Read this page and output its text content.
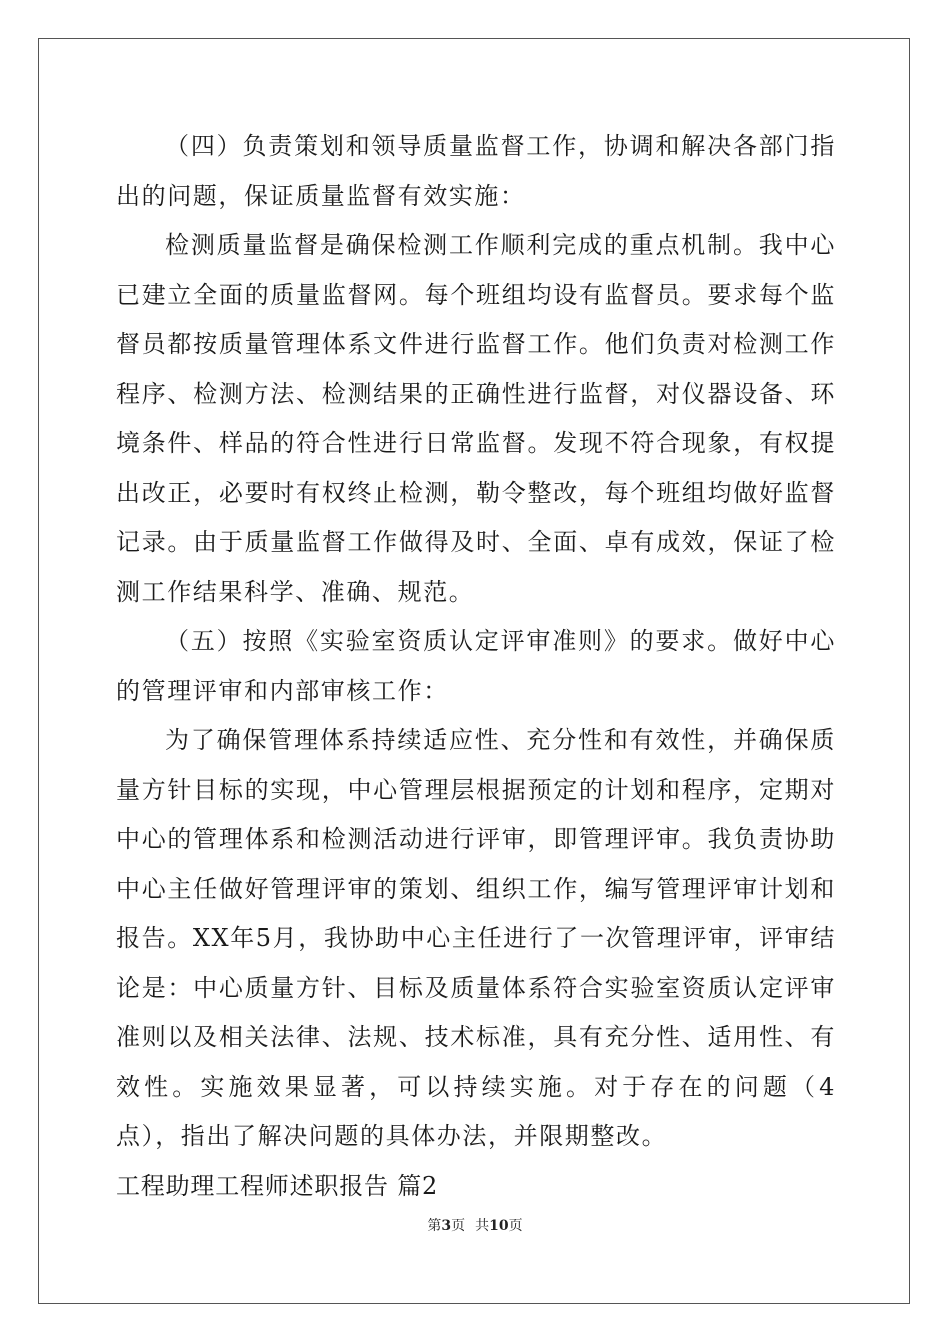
（四）负责策划和领导质量监督工作，协调和解决各部门指出的问题，保证质量监督有效实施：

检测质量监督是确保检测工作顺利完成的重点机制。我中心已建立全面的质量监督网。每个班组均设有监督员。要求每个监督员都按质量管理体系文件进行监督工作。他们负责对检测工作程序、检测方法、检测结果的正确性进行监督，对仪器设备、环境条件、样品的符合性进行日常监督。发现不符合现象，有权提出改正，必要时有权终止检测，勒令整改，每个班组均做好监督记录。由于质量监督工作做得及时、全面、卓有成效，保证了检测工作结果科学、准确、规范。

（五）按照《实验室资质认定评审准则》的要求。做好中心的管理评审和内部审核工作：

为了确保管理体系持续适应性、充分性和有效性，并确保质量方针目标的实现，中心管理层根据预定的计划和程序，定期对中心的管理体系和检测活动进行评审，即管理评审。我负责协助中心主任做好管理评审的策划、组织工作，编写管理评审计划和报告。XX年5月，我协助中心主任进行了一次管理评审，评审结论是：中心质量方针、目标及质量体系符合实验室资质认定评审准则以及相关法律、法规、技术标准，具有充分性、适用性、有效性。实施效果显著，可以持续实施。对于存在的问题（4点），指出了解决问题的具体办法，并限期整改。

工程助理工程师述职报告 篇2

第3页 共10页
